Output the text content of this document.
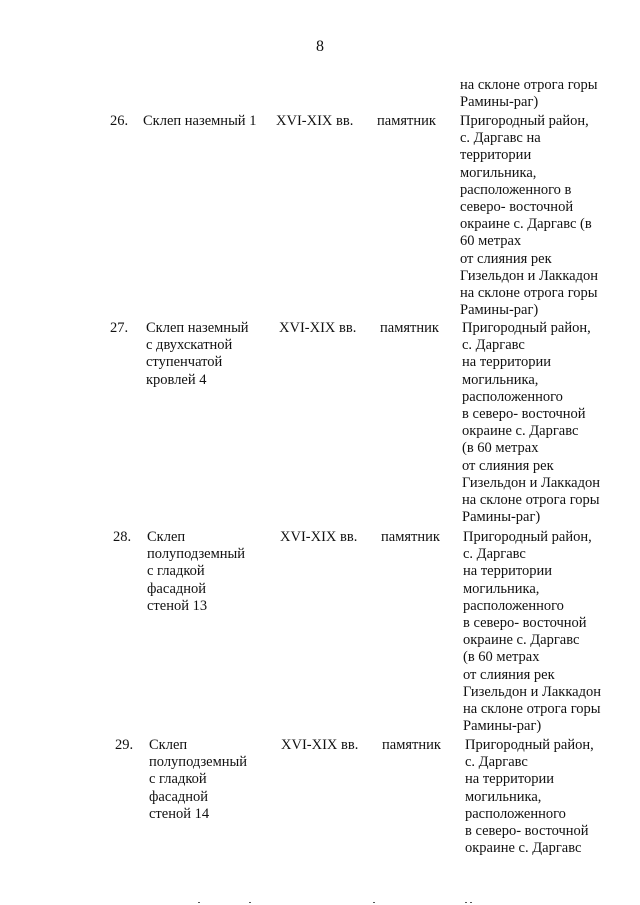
8
на склоне отрога горы
Рамины-раг)
26.	Склеп наземный 1	XVI-XIX вв.	памятник	Пригородный район,
с. Даргавс на
территории
могильника,
расположенного в
северо- восточной
окраине с. Даргавс (в
60 метрах
от слияния рек
Гизельдон и Лаккадон
на склоне отрога горы
Рамины-раг)
27.	Склеп наземный
с двухскатной
ступенчатой
кровлей 4
XVI-XIX вв.	памятник	Пригородный район,
с. Даргавс
на территории
могильника,
расположенного
в северо- восточной
окраине с. Даргавс
(в 60 метрах
от слияния рек
Гизельдон и Лаккадон
на склоне отрога горы
Рамины-раг)
28.	Склеп
полуподземный
с гладкой
фасадной
стеной 13
XVI-XIX вв.	памятник	Пригородный район,
с. Даргавс
на территории
могильника,
расположенного
в северо- восточной
окраине с. Даргавс
(в 60 метрах
от слияния рек
Гизельдон и Лаккадон
на склоне отрога горы
Рамины-раг)
29.	Склеп
полуподземный
с гладкой
фасадной
стеной 14
XVI-XIX вв.	памятник	Пригородный район,
с. Даргавс
на территории
могильника,
расположенного
в северо- восточной
окраине с. Даргавс
